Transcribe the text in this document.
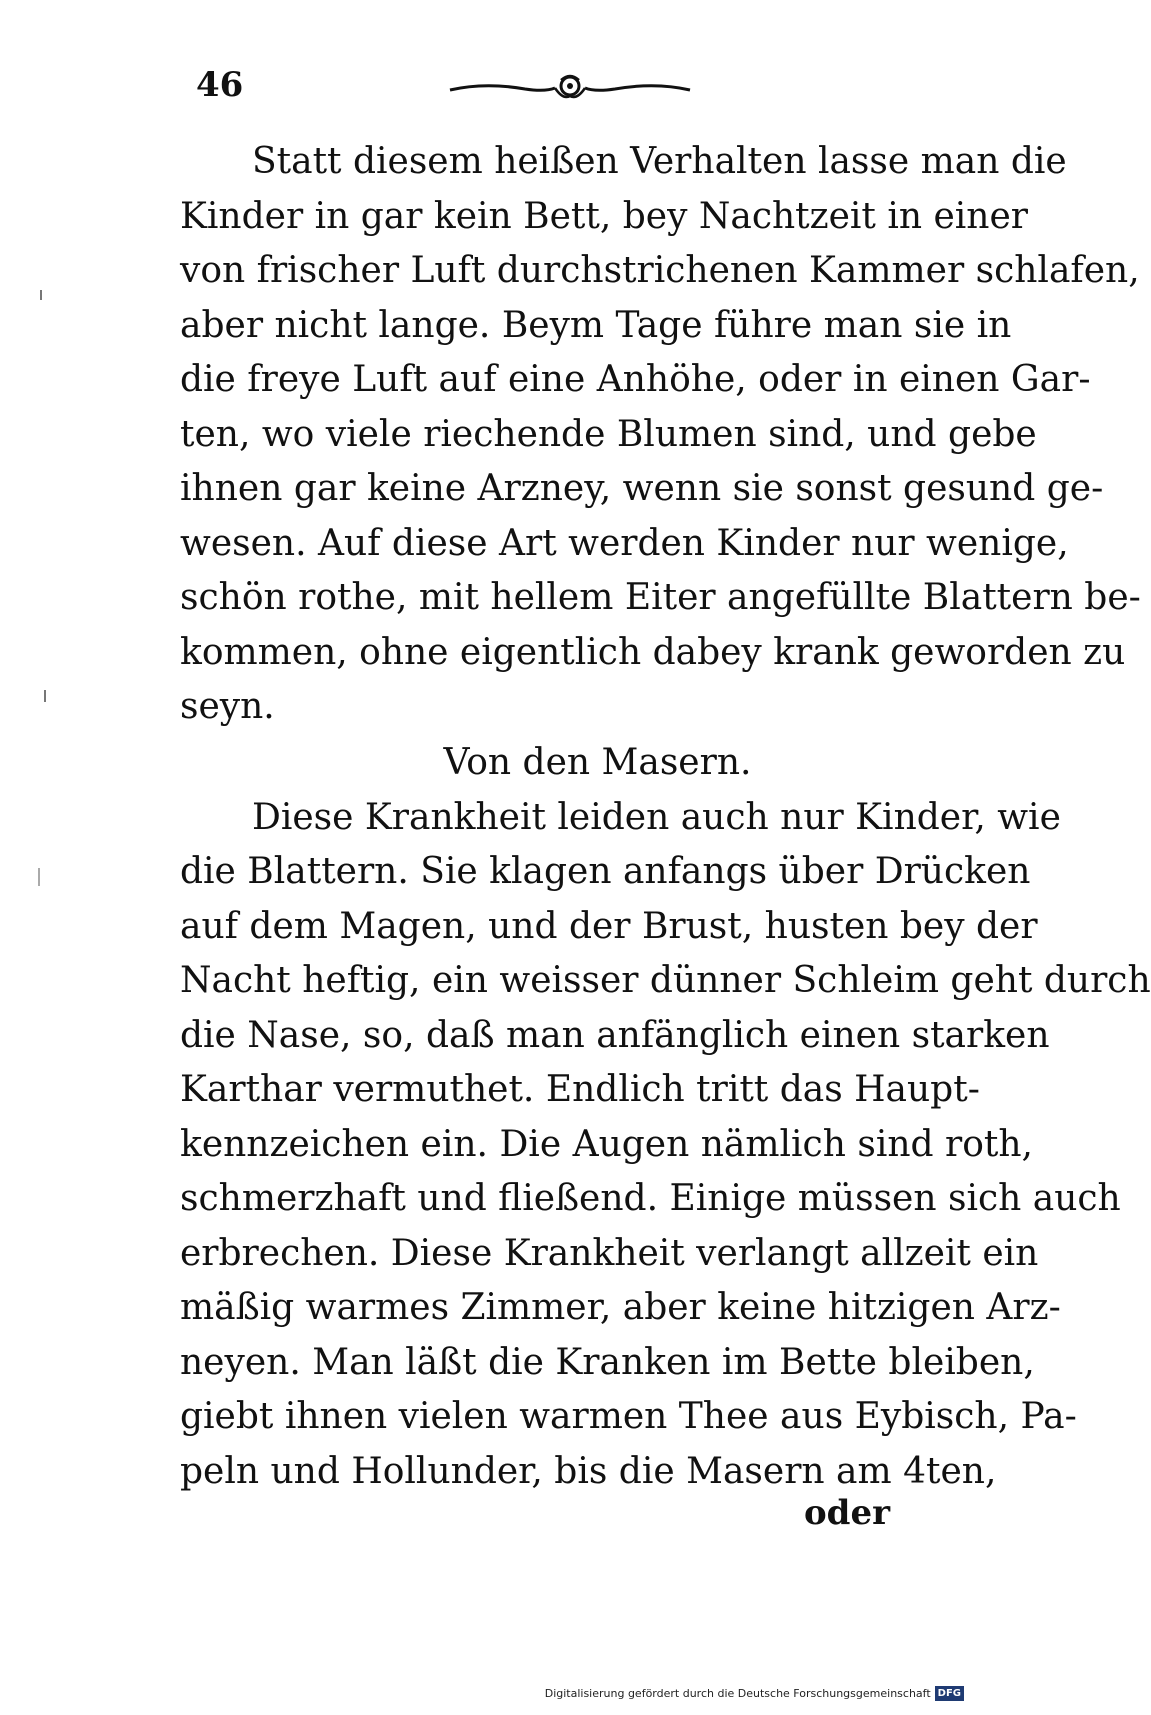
46
Statt diesem heißen Verhalten lasse man die
Kinder in gar kein Bett, bey Nachtzeit in einer
von frischer Luft durchstrichenen Kammer schlafen,
aber nicht lange. Beym Tage führe man sie in
die freye Luft auf eine Anhöhe, oder in einen Gar-
ten, wo viele riechende Blumen sind, und gebe
ihnen gar keine Arzney, wenn sie sonst gesund ge-
wesen. Auf diese Art werden Kinder nur wenige,
schön rothe, mit hellem Eiter angefüllte Blattern be-
kommen, ohne eigentlich dabey krank geworden zu
seyn.
Von den Masern.
Diese Krankheit leiden auch nur Kinder, wie
die Blattern. Sie klagen anfangs über Drücken
auf dem Magen, und der Brust, husten bey der
Nacht heftig, ein weisser dünner Schleim geht durch
die Nase, so, daß man anfänglich einen starken
Karthar vermuthet. Endlich tritt das Haupt-
kennzeichen ein. Die Augen nämlich sind roth,
schmerzhaft und fließend. Einige müssen sich auch
erbrechen. Diese Krankheit verlangt allzeit ein
mäßig warmes Zimmer, aber keine hitzigen Arz-
neyen. Man läßt die Kranken im Bette bleiben,
giebt ihnen vielen warmen Thee aus Eybisch, Pa-
peln und Hollunder, bis die Masern am 4ten,
oder
Digitalisierung gefördert durch die Deutsche Forschungsgemeinschaft DFG
